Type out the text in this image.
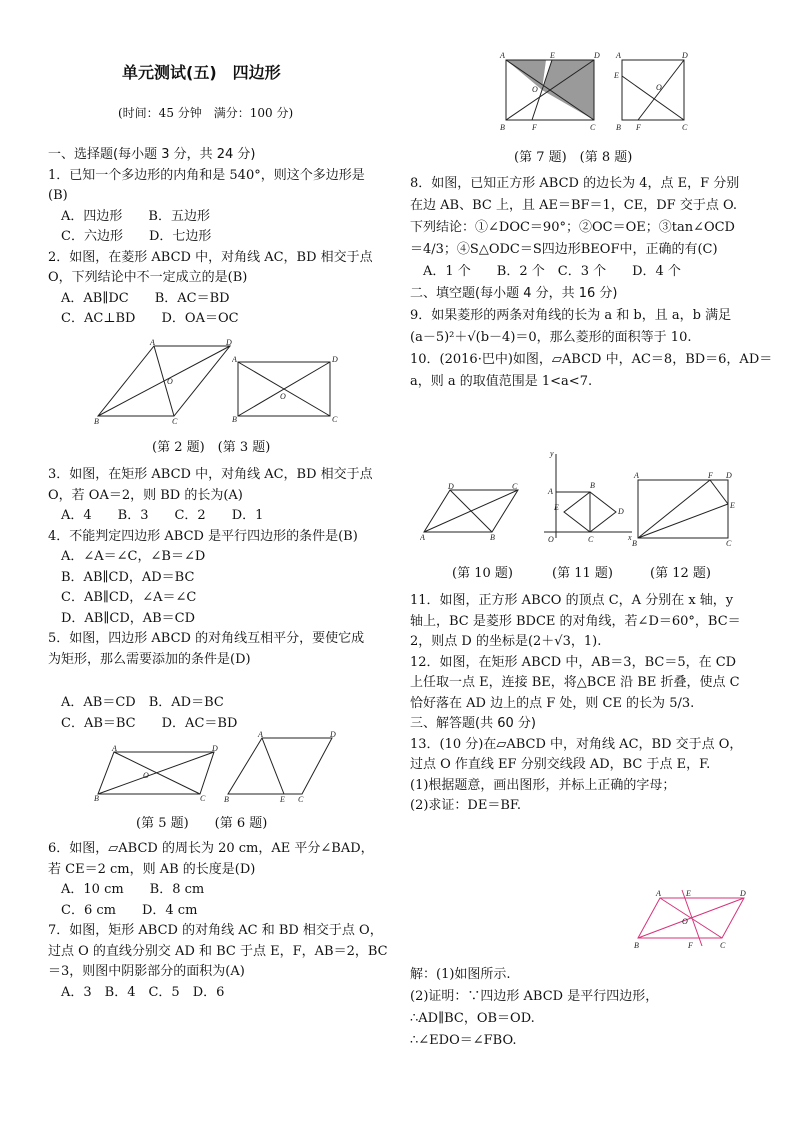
单元测试(五)　四边形
(时间：45 分钟　满分：100 分)
一、选择题(每小题 3 分，共 24 分)
1．已知一个多边形的内角和是 540°，则这个多边形是
(B)
　A．四边形　　B．五边形
　C．六边形　　D．七边形
2．如图，在菱形 ABCD 中，对角线 AC，BD 相交于点
O，下列结论中不一定成立的是(B)
　A．AB∥DC　　B．AC＝BD
　C．AC⊥BD　　D．OA＝OC
3．如图，在矩形 ABCD 中，对角线 AC，BD 相交于点
O，若 OA＝2，则 BD 的长为(A)
　A．4　　B．3　　C．2　　D．1
4．不能判定四边形 ABCD 是平行四边形的条件是(B)
　A．∠A＝∠C，∠B＝∠D
　B．AB∥CD，AD＝BC
　C．AB∥CD，∠A＝∠C
　D．AB∥CD，AB＝CD
5．如图，四边形 ABCD 的对角线互相平分，要使它成
为矩形，那么需要添加的条件是(D)
　A．AB＝CD　B．AD＝BC
　C．AB＝BC　　D．AC＝BD
6．如图，▱ABCD 的周长为 20 cm，AE 平分∠BAD，
若 CE＝2 cm，则 AB 的长度是(D)
　A．10 cm　　B．8 cm
　C．6 cm　　D．4 cm
7．如图，矩形 ABCD 的对角线 AC 和 BD 相交于点 O，
过点 O 的直线分别交 AD 和 BC 于点 E，F，AB＝2，BC
＝3，则图中阴影部分的面积为(A)
　A．3　B．4　C．5　D．6
8．如图，已知正方形 ABCD 的边长为 4，点 E，F 分别
在边 AB、BC 上，且 AE＝BF＝1，CE，DF 交于点 O.
下列结论：①∠DOC＝90°；②OC＝OE；③tan∠OCD
＝4/3；④S△ODC＝S四边形BEOF中，正确的有(C)
　A．1 个　　B．2 个　C．3 个　　D．4 个
二、填空题(每小题 4 分，共 16 分)
9．如果菱形的两条对角线的长为 a 和 b，且 a，b 满足
(a－5)²＋√(b－4)＝0，那么菱形的面积等于 10.
10．(2016·巴中)如图，▱ABCD 中，AC＝8，BD＝6，AD＝
a，则 a 的取值范围是 1<a<7.
11．如图，正方形 ABCO 的顶点 C，A 分别在 x 轴，y
轴上，BC 是菱形 BDCE 的对角线，若∠D＝60°，BC＝
2，则点 D 的坐标是(2＋√3，1).
12．如图，在矩形 ABCD 中，AB＝3，BC＝5，在 CD
上任取一点 E，连接 BE，将△BCE 沿 BE 折叠，使点 C
恰好落在 AD 边上的点 F 处，则 CE 的长为 5/3.
三、解答题(共 60 分)
13．(10 分)在▱ABCD 中，对角线 AC，BD 交于点 O，
过点 O 作直线 EF 分别交线段 AD，BC 于点 E，F.
(1)根据题意，画出图形，并标上正确的字母；
(2)求证：DE＝BF.
解：(1)如图所示.
(2)证明：∵四边形 ABCD 是平行四边形，
∴AD∥BC，OB＝OD.
∴∠EDO＝∠FBO.
A	D
B	C
O
A	D
B	C
O
(第 2 题)　(第 3 题)
A	D
B	C
O
A	D
B	E C
(第 5 题)　　(第 6 题)
A	E	D
B	F	C
O
A	D
E
B F	C
O
(第 7 题)　(第 8 题)
D	C
A	B
(第 10 题)
y
A
B
E	D
O	C	x
(第 11 题)
A	F D
E
B	C
(第 12 题)
A	E	D
B	F	C
O
